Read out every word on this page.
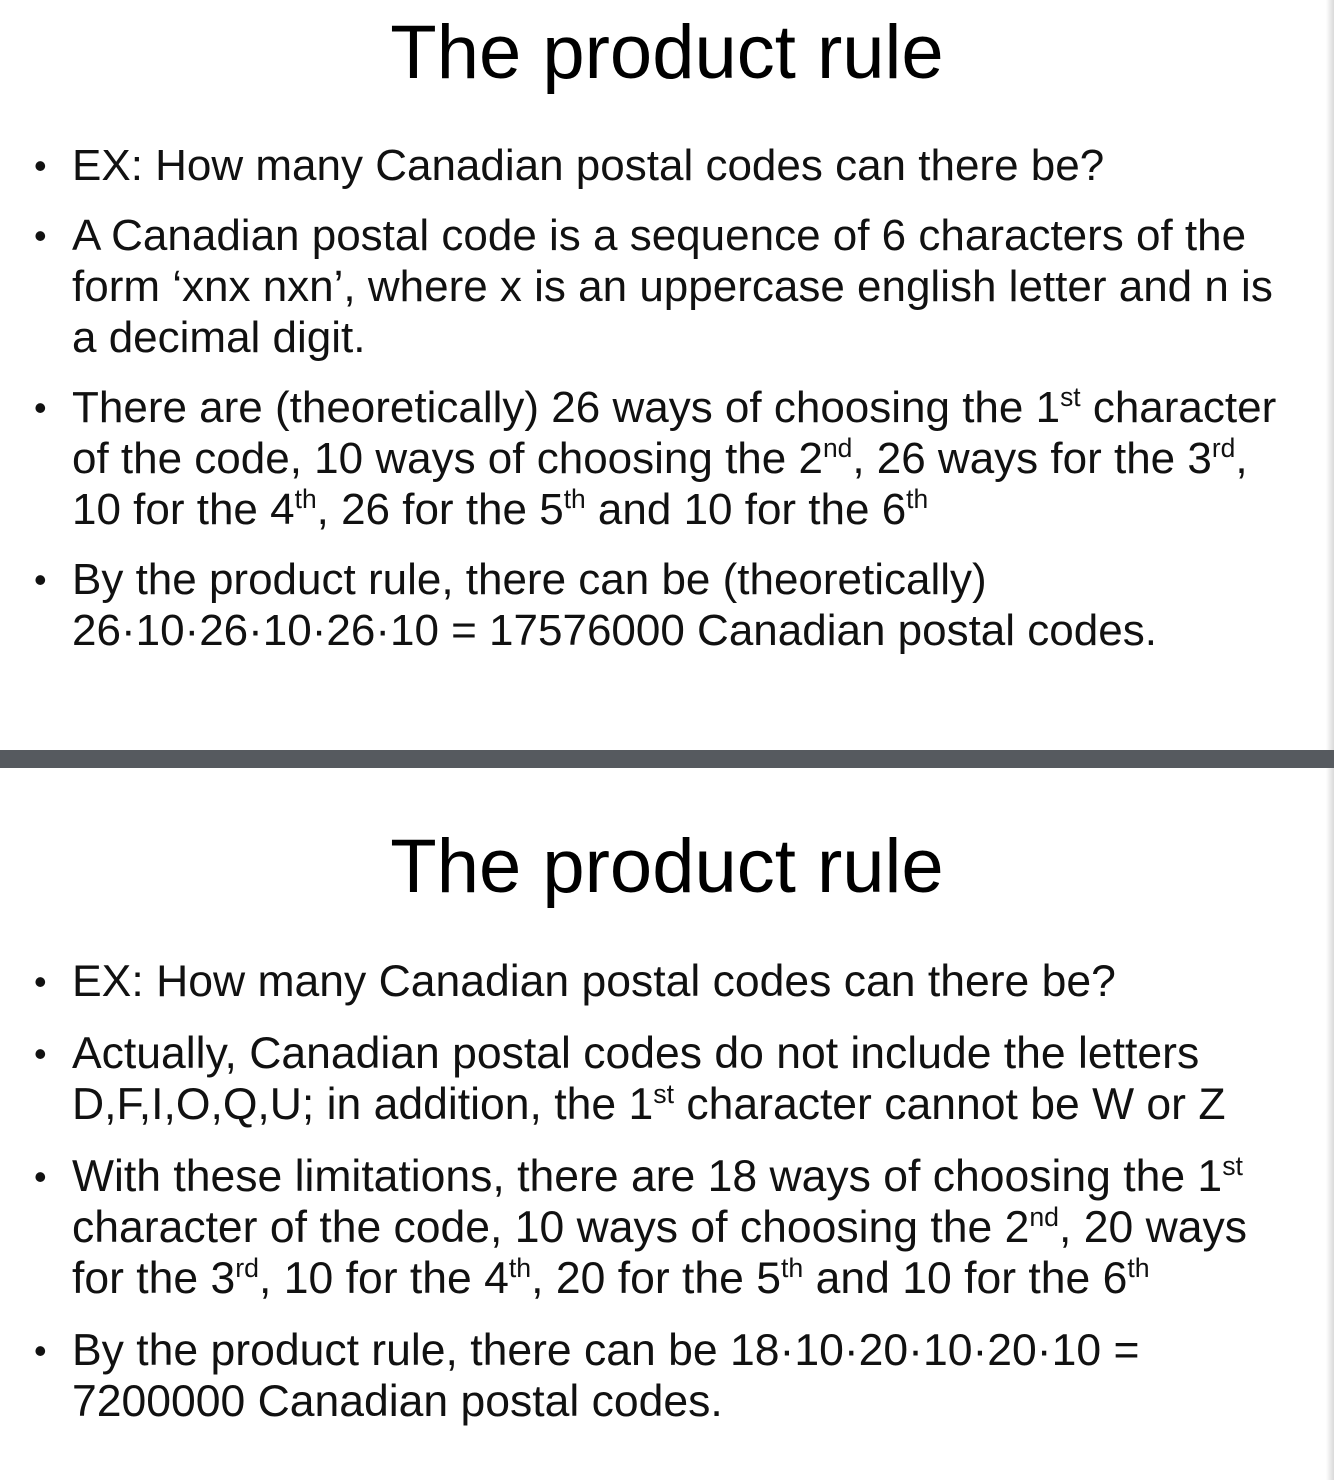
The product rule
• EX: How many Canadian postal codes can there be?
• A Canadian postal code is a sequence of 6 characters of the form ‘xnx nxn’, where x is an uppercase english letter and n is a decimal digit.
• There are (theoretically) 26 ways of choosing the 1st character of the code, 10 ways of choosing the 2nd, 26 ways for the 3rd, 10 for the 4th, 26 for the 5th and 10 for the 6th
• By the product rule, there can be (theoretically) 26·10·26·10·26·10 = 17576000 Canadian postal codes.
The product rule
• EX: How many Canadian postal codes can there be?
• Actually, Canadian postal codes do not include the letters D,F,I,O,Q,U; in addition, the 1st character cannot be W or Z
• With these limitations, there are 18 ways of choosing the 1st character of the code, 10 ways of choosing the 2nd, 20 ways for the 3rd, 10 for the 4th, 20 for the 5th and 10 for the 6th
• By the product rule, there can be 18·10·20·10·20·10 = 7200000 Canadian postal codes.
